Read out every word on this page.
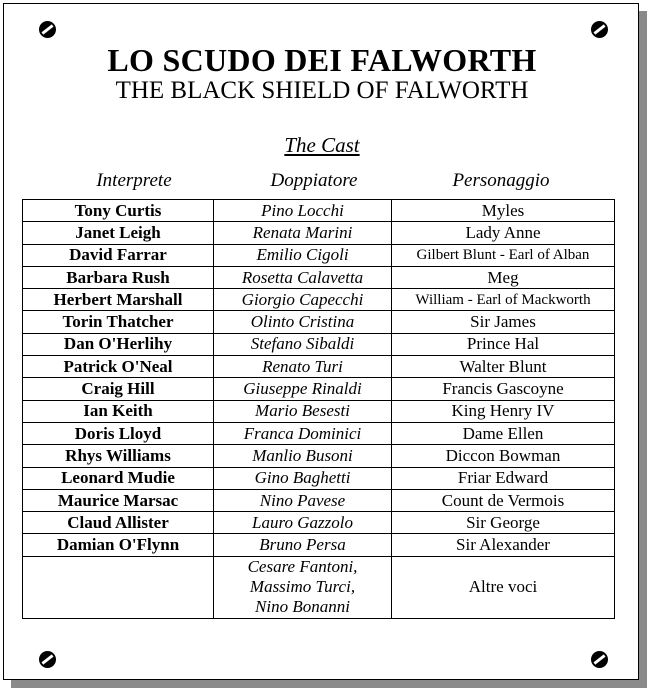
LO SCUDO DEI FALWORTH
THE BLACK SHIELD OF FALWORTH
The Cast
Interprete	Doppiatore	Personaggio
Tony Curtis	Pino Locchi	Myles
Janet Leigh	Renata Marini	Lady Anne
David Farrar	Emilio Cigoli	Gilbert Blunt - Earl of Alban
Barbara Rush	Rosetta Calavetta	Meg
Herbert Marshall	Giorgio Capecchi	William - Earl of Mackworth
Torin Thatcher	Olinto Cristina	Sir James
Dan O'Herlihy	Stefano Sibaldi	Prince Hal
Patrick O'Neal	Renato Turi	Walter Blunt
Craig Hill	Giuseppe Rinaldi	Francis Gascoyne
Ian Keith	Mario Besesti	King Henry IV
Doris Lloyd	Franca Dominici	Dame Ellen
Rhys Williams	Manlio Busoni	Diccon Bowman
Leonard Mudie	Gino Baghetti	Friar Edward
Maurice Marsac	Nino Pavese	Count de Vermois
Claud Allister	Lauro Gazzolo	Sir George
Damian O'Flynn	Bruno Persa	Sir Alexander

	Cesare Fantoni,
Massimo Turci,
Nino Bonanni	Altre voci
